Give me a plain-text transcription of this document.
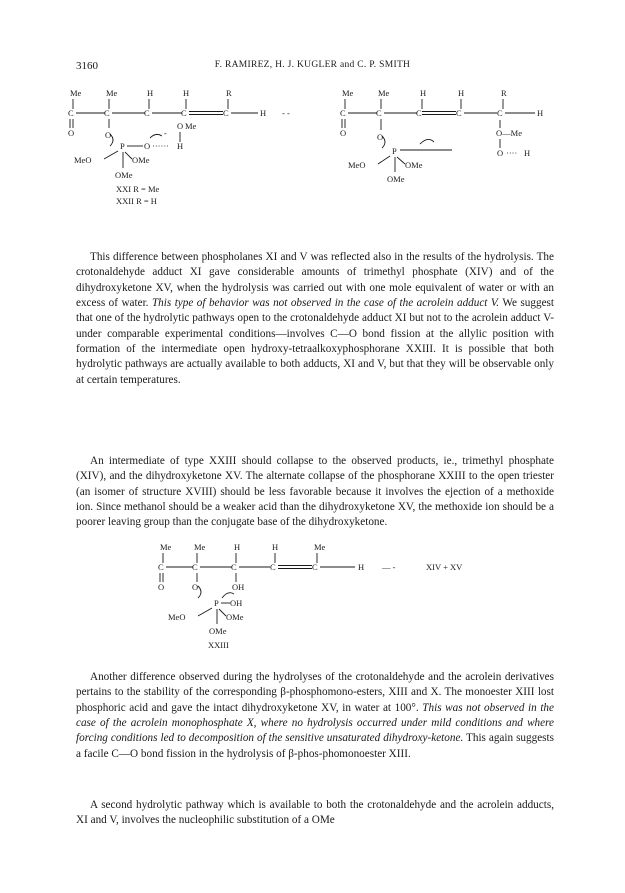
3160	F. RAMIREZ, H. J. KUGLER and C. P. SMITH
Me	Me	H	H	R
C	C	C	C	C	H
O	O
P O ······ H
-
O Me
MeO	OMe
OMe
XXI R = Me
XXII R = H
- -
Me	Me	H	H	R
C	C	C	C	C	H
O	O
P
O—Me
O ···· H
MeO	OMe
OMe

This difference between phospholanes XI and V was reflected also in the results of the hydrolysis. The crotonaldehyde adduct XI gave considerable amounts of trimethyl phosphate (XIV) and of the dihydroxyketone XV, when the hydrolysis was carried out with one mole equivalent of water or with an excess of water. This type of behavior was not observed in the case of the acrolein adduct V. We suggest that one of the hydrolytic pathways open to the crotonaldehyde adduct XI but not to the acrolein adduct V-under comparable experimental conditions—involves C—O bond fission at the allylic position with formation of the intermediate open hydroxy-tetraalkoxyphosphorane XXIII. It is possible that both hydrolytic pathways are actually available to both adducts, XI and V, but that they will be observable only at certain temperatures.

An intermediate of type XXIII should collapse to the observed products, ie., trimethyl phosphate (XIV), and the dihydroxyketone XV. The alternate collapse of the phosphorane XXIII to the open triester (an isomer of structure XVIII) should be less favorable because it involves the ejection of a methoxide ion. Since methanol should be a weaker acid than the dihydroxyketone XV, the methoxide ion should be a poorer leaving group than the conjugate base of the dihydroxyketone.

Me	Me	H	H	Me
C	C	C	C	C	H — -	XIV + XV
O	O	OH
P OH
MeO	OMe
OMe
XXIII

Another difference observed during the hydrolyses of the crotonaldehyde and the acrolein derivatives pertains to the stability of the corresponding β-phosphomono-esters, XIII and X. The monoester XIII lost phosphoric acid and gave the intact dihydroxyketone XV, in water at 100°. This was not observed in the case of the acrolein monophosphate X, where no hydrolysis occurred under mild conditions and where forcing conditions led to decomposition of the sensitive unsaturated dihydroxy-ketone. This again suggests a facile C—O bond fission in the hydrolysis of β-phos-phomonoester XIII.

A second hydrolytic pathway which is available to both the crotonaldehyde and the acrolein adducts, XI and V, involves the nucleophilic substitution of a OMe
